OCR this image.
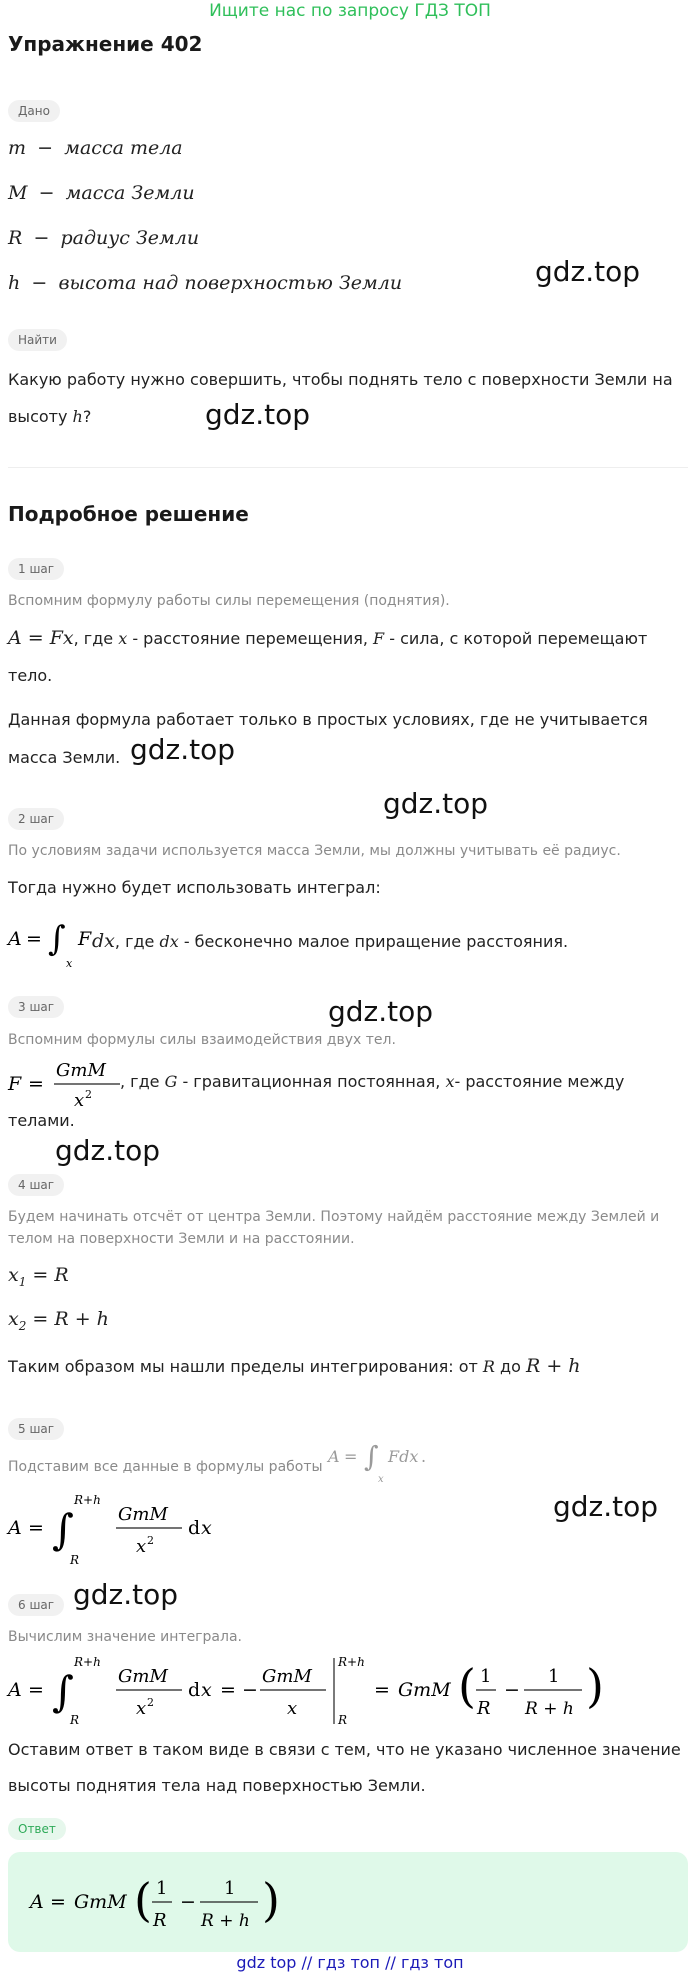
Ищите нас по запросу ГДЗ ТОП
Упражнение 402
Дано
m  −  масса тела
M  −  масса Земли
R  −  радиус Земли
h  −  высота над поверхностью Земли	gdz.top
Найти
Какую работу нужно совершить, чтобы поднять тело с поверхности Земли на
высоту h?	gdz.top
Подробное решение
1 шаг
Вспомним формулу работы силы перемещения (поднятия).
A = Fx, где x - расстояние перемещения, F - сила, с которой перемещают
тело.
Данная формула работает только в простых условиях, где не учитывается
масса Земли. gdz.top
gdz.top
2 шаг
По условиям задачи используется масса Земли, мы должны учитывать её радиус.
Тогда нужно будет использовать интеграл:
A = ∫
x
F dx, где dx - бесконечно малое приращение расстояния.
gdz.top
3 шаг
Вспомним формулы силы взаимодействия двух тел.
F =
GmM
x 2
, где G - гравитационная постоянная, x- расстояние между
телами.
gdz.top
4 шаг
Будем начинать отсчёт от центра Земли. Поэтому найдём расстояние между Землей и
телом на поверхности Земли и на расстоянии.
$x_1 = R$
$x_2 = R + h$
Таким образом мы нашли пределы интегрирования: от R до R + h
5 шаг
Подставим все данные в формулы работы
A = ∫
x
Fdx .
gdz.top
A = ∫
R+h
R
GmM
x 2
d x
6 шаг gdz.top
Вычислим значение интеграла.
A = ∫
R+h
R
GmM
x 2
d x = −
GmM
x
R+h
R
= GmM ( 1
R
−
1
R + h )
Оставим ответ в таком виде в связи с тем, что не указано численное значение
высоты поднятия тела над поверхностью Земли.
Ответ
A = GmM ( 1
R
−
1
R + h )
gdz top // гдз топ // гдз топ
